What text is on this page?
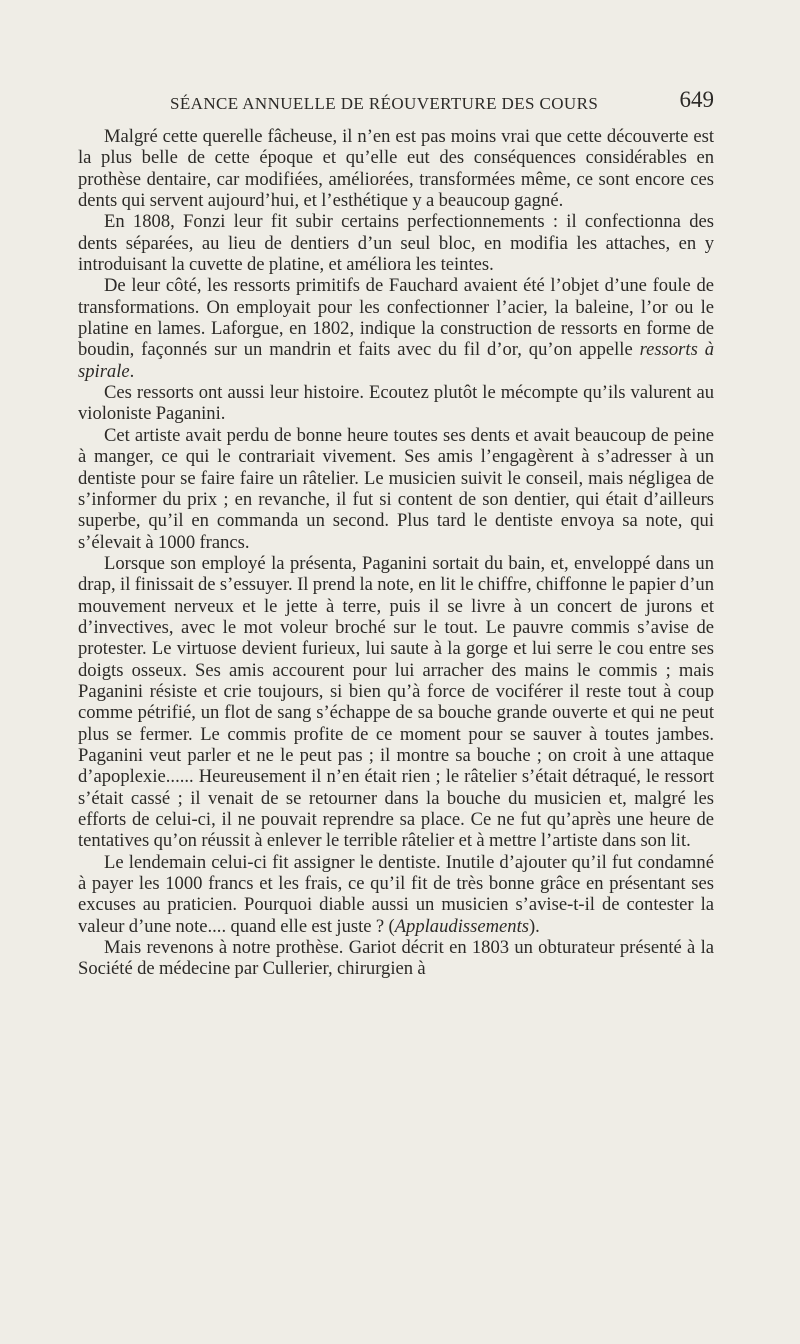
SÉANCE ANNUELLE DE RÉOUVERTURE DES COURS	649

Malgré cette querelle fâcheuse, il n’en est pas moins vrai que cette découverte est la plus belle de cette époque et qu’elle eut des conséquences considérables en prothèse dentaire, car modifiées, améliorées, transformées même, ce sont encore ces dents qui servent aujourd’hui, et l’esthétique y a beaucoup gagné.

En 1808, Fonzi leur fit subir certains perfectionnements : il confectionna des dents séparées, au lieu de dentiers d’un seul bloc, en modifia les attaches, en y introduisant la cuvette de platine, et améliora les teintes.

De leur côté, les ressorts primitifs de Fauchard avaient été l’objet d’une foule de transformations. On employait pour les confectionner l’acier, la baleine, l’or ou le platine en lames. Laforgue, en 1802, indique la construction de ressorts en forme de boudin, façonnés sur un mandrin et faits avec du fil d’or, qu’on appelle ressorts à spirale.

Ces ressorts ont aussi leur histoire. Ecoutez plutôt le mécompte qu’ils valurent au violoniste Paganini.

Cet artiste avait perdu de bonne heure toutes ses dents et avait beaucoup de peine à manger, ce qui le contrariait vivement. Ses amis l’engagèrent à s’adresser à un dentiste pour se faire faire un râtelier. Le musicien suivit le conseil, mais négligea de s’informer du prix ; en revanche, il fut si content de son dentier, qui était d’ailleurs superbe, qu’il en commanda un second. Plus tard le dentiste envoya sa note, qui s’élevait à 1000 francs.

Lorsque son employé la présenta, Paganini sortait du bain, et, enveloppé dans un drap, il finissait de s’essuyer. Il prend la note, en lit le chiffre, chiffonne le papier d’un mouvement nerveux et le jette à terre, puis il se livre à un concert de jurons et d’invectives, avec le mot voleur broché sur le tout. Le pauvre commis s’avise de protester. Le virtuose devient furieux, lui saute à la gorge et lui serre le cou entre ses doigts osseux. Ses amis accourent pour lui arracher des mains le commis ; mais Paganini résiste et crie toujours, si bien qu’à force de vociférer il reste tout à coup comme pétrifié, un flot de sang s’échappe de sa bouche grande ouverte et qui ne peut plus se fermer. Le commis profite de ce moment pour se sauver à toutes jambes. Paganini veut parler et ne le peut pas ; il montre sa bouche ; on croit à une attaque d’apoplexie...... Heureusement il n’en était rien ; le râtelier s’était détraqué, le ressort s’était cassé ; il venait de se retourner dans la bouche du musicien et, malgré les efforts de celui-ci, il ne pouvait reprendre sa place. Ce ne fut qu’après une heure de tentatives qu’on réussit à enlever le terrible râtelier et à mettre l’artiste dans son lit.

Le lendemain celui-ci fit assigner le dentiste. Inutile d’ajouter qu’il fut condamné à payer les 1000 francs et les frais, ce qu’il fit de très bonne grâce en présentant ses excuses au praticien. Pourquoi diable aussi un musicien s’avise-t-il de contester la valeur d’une note.... quand elle est juste ? (Applaudissements).

Mais revenons à notre prothèse. Gariot décrit en 1803 un obturateur présenté à la Société de médecine par Cullerier, chirurgien à
